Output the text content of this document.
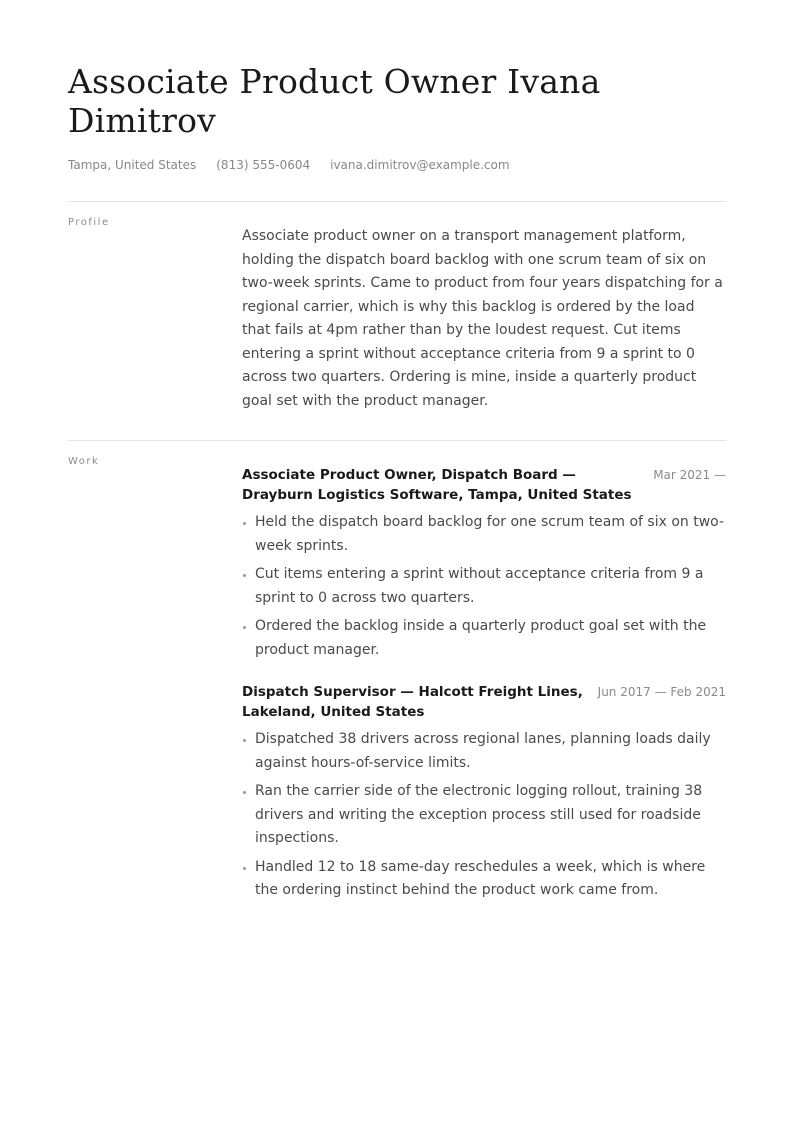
Associate Product Owner Ivana Dimitrov
Tampa, United States (813) 555-0604 ivana.dimitrov@example.com
Profile

Associate product owner on a transport management platform, holding the dispatch board backlog with one scrum team of six on two-week sprints. Came to product from four years dispatching for a regional carrier, which is why this backlog is ordered by the load that fails at 4pm rather than by the loudest request. Cut items entering a sprint without acceptance criteria from 9 a sprint to 0 across two quarters. Ordering is mine, inside a quarterly product goal set with the product manager.

Work
Associate Product Owner, Dispatch Board — Drayburn Logistics Software, Tampa, United States
Mar 2021 —
Held the dispatch board backlog for one scrum team of six on two-week sprints.
Cut items entering a sprint without acceptance criteria from 9 a sprint to 0 across two quarters.
Ordered the backlog inside a quarterly product goal set with the product manager.
Dispatch Supervisor — Halcott Freight Lines, Lakeland, United States
Jun 2017 — Feb 2021
Dispatched 38 drivers across regional lanes, planning loads daily against hours-of-service limits.
Ran the carrier side of the electronic logging rollout, training 38 drivers and writing the exception process still used for roadside inspections.
Handled 12 to 18 same-day reschedules a week, which is where the ordering instinct behind the product work came from.
